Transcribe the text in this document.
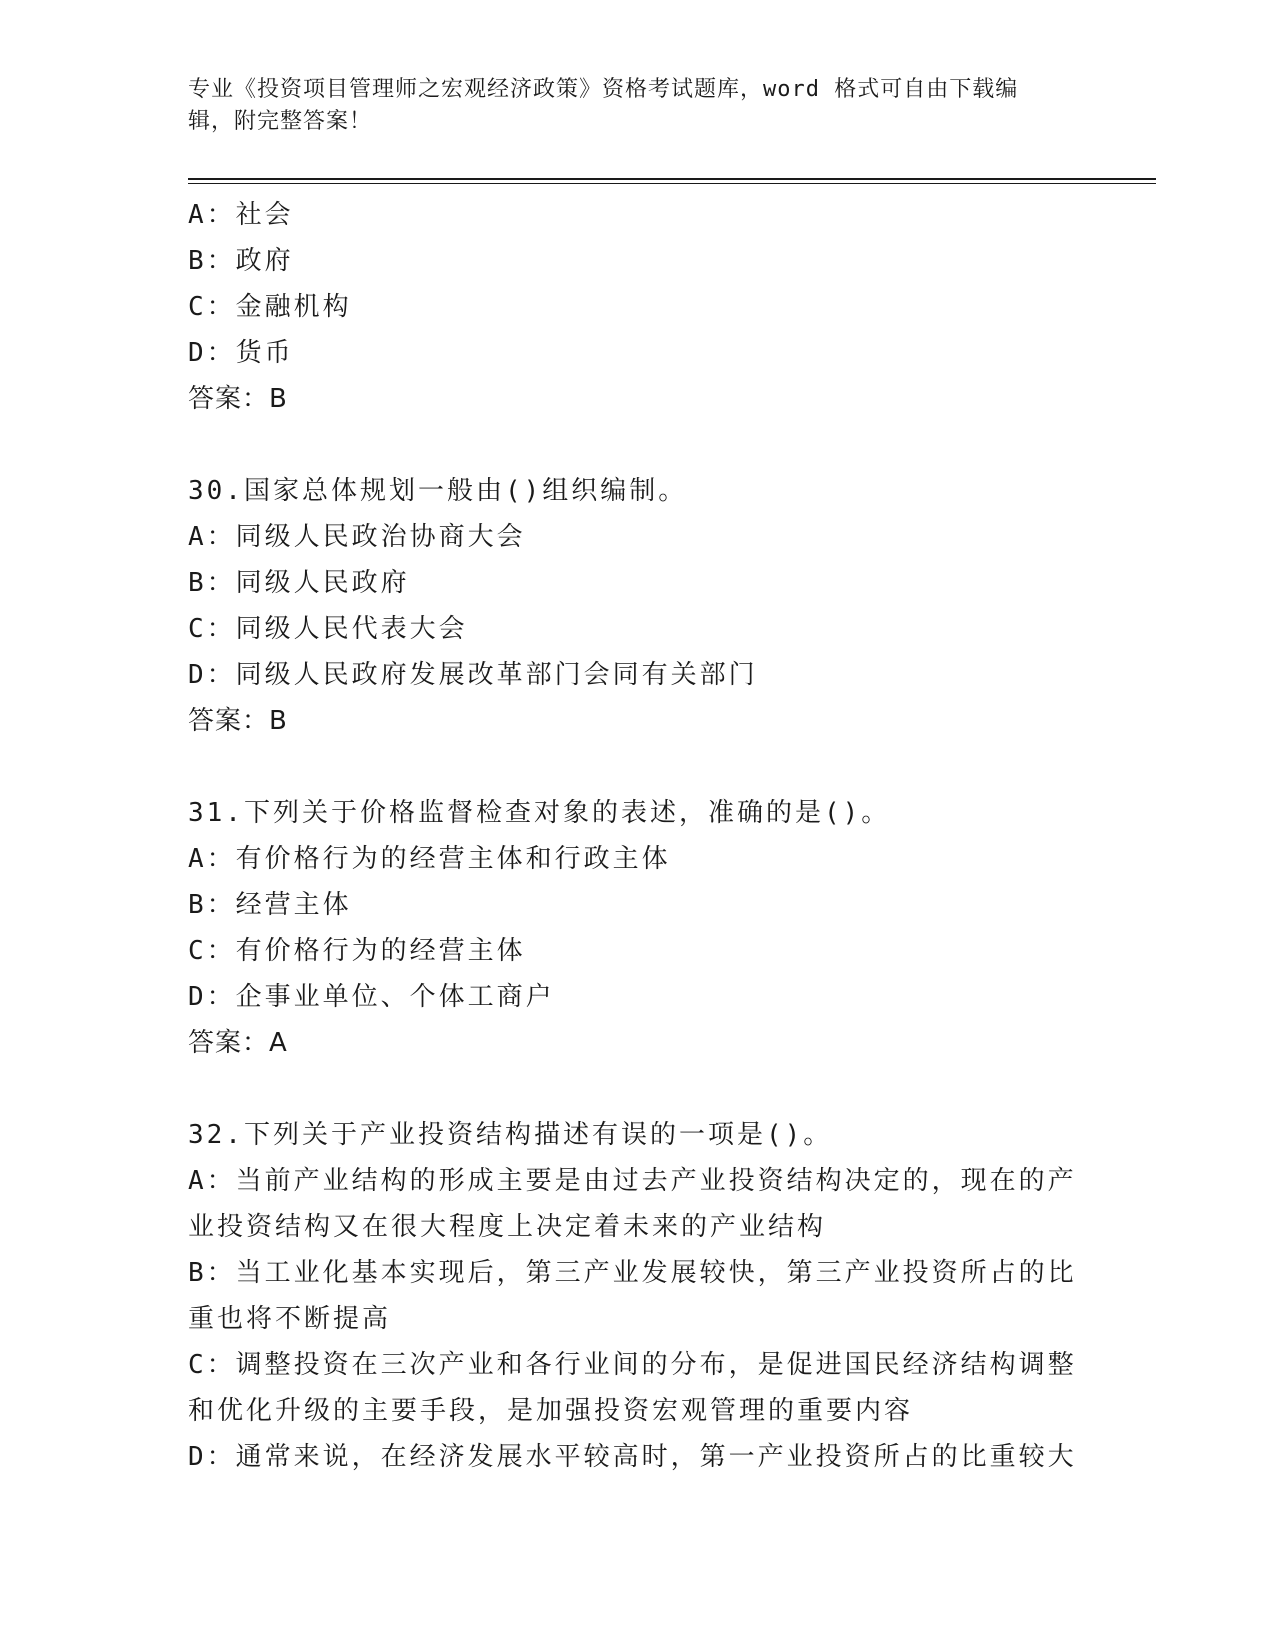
专业《投资项目管理师之宏观经济政策》资格考试题库，word 格式可自由下载编
辑，附完整答案！
A：社会
B：政府
C：金融机构
D：货币
答案：B
30.国家总体规划一般由()组织编制。
A：同级人民政治协商大会
B：同级人民政府
C：同级人民代表大会
D：同级人民政府发展改革部门会同有关部门
答案：B
31.下列关于价格监督检查对象的表述，准确的是()。
A：有价格行为的经营主体和行政主体
B：经营主体
C：有价格行为的经营主体
D：企事业单位、个体工商户
答案：A
32.下列关于产业投资结构描述有误的一项是()。
A：当前产业结构的形成主要是由过去产业投资结构决定的，现在的产
业投资结构又在很大程度上决定着未来的产业结构
B：当工业化基本实现后，第三产业发展较快，第三产业投资所占的比
重也将不断提高
C：调整投资在三次产业和各行业间的分布，是促进国民经济结构调整
和优化升级的主要手段，是加强投资宏观管理的重要内容
D：通常来说，在经济发展水平较高时，第一产业投资所占的比重较大
